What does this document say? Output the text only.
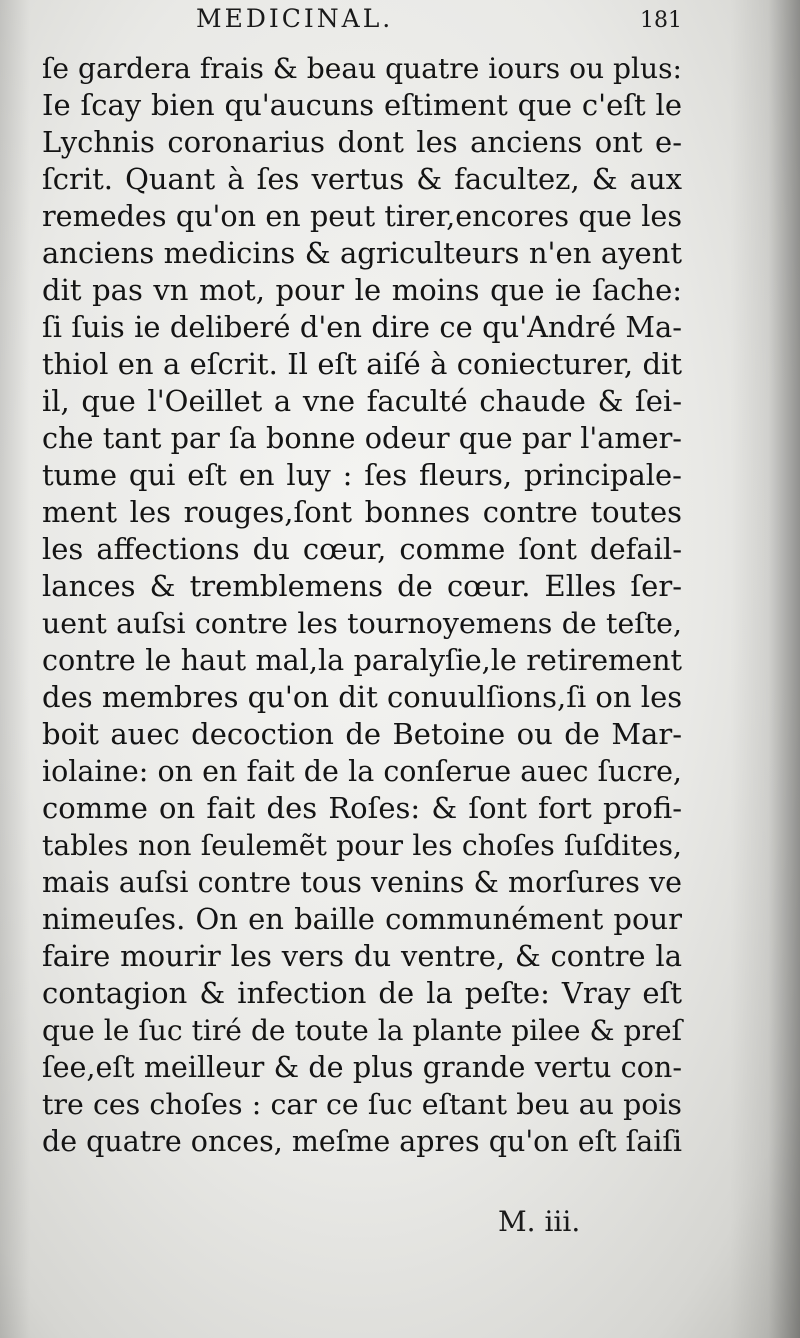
MEDICINAL.	181
ſe gardera frais & beau quatre iours ou plus:
Ie ſcay bien qu'aucuns eſtiment que c'eſt le
Lychnis coronarius dont les anciens ont e-
ſcrit. Quant à ſes vertus & facultez, & aux
remedes qu'on en peut tirer,encores que les
anciens medicins & agriculteurs n'en ayent
dit pas vn mot, pour le moins que ie ſache:
ſi ſuis ie deliberé d'en dire ce qu'André Ma-
thiol en a eſcrit. Il eſt aiſé à coniecturer, dit
il, que l'Oeillet a vne faculté chaude & ſei-
che tant par ſa bonne odeur que par l'amer-
tume qui eſt en luy : ſes fleurs, principale-
ment les rouges,ſont bonnes contre toutes
les affections du cœur, comme ſont defail-
lances & tremblemens de cœur. Elles ſer-
uent auſsi contre les tournoyemens de teſte,
contre le haut mal,la paralyſie,le retirement
des membres qu'on dit conuulſions,ſi on les
boit auec decoction de Betoine ou de Mar-
iolaine: on en fait de la conſerue auec ſucre,
comme on fait des Roſes: & ſont fort profi-
tables non ſeulemẽt pour les choſes ſuſdites,
mais auſsi contre tous venins & morſures ve
nimeuſes. On en baille communément pour
faire mourir les vers du ventre, & contre la
contagion & infection de la peſte: Vray eſt
que le ſuc tiré de toute la plante pilee & preſ
ſee,eſt meilleur & de plus grande vertu con-
tre ces choſes : car ce ſuc eſtant beu au pois
de quatre onces, meſme apres qu'on eſt ſaiſi
M. iii.
